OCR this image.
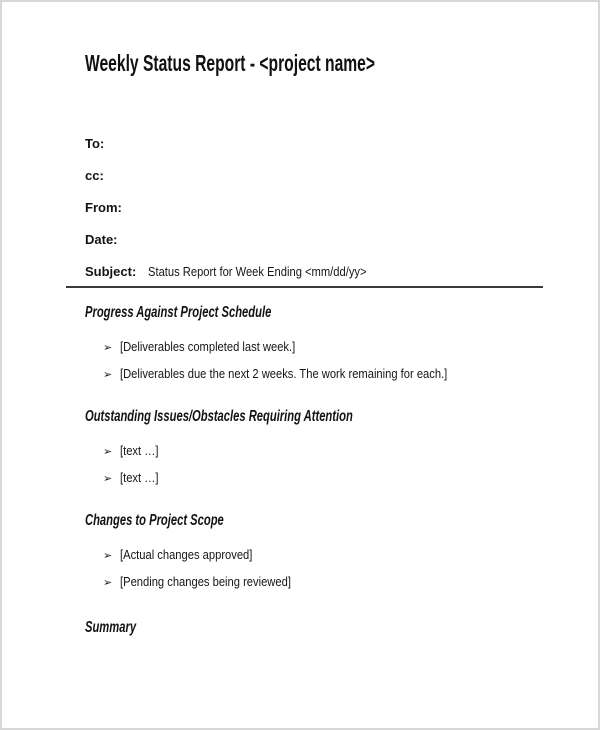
Weekly Status Report - <project name>
To:
cc:
From:
Date:
Subject: Status Report for Week Ending <mm/dd/yy>
Progress Against Project Schedule
➢ [Deliverables completed last week.]
➢ [Deliverables due the next 2 weeks. The work remaining for each.]
Outstanding Issues/Obstacles Requiring Attention
➢ [text …]
➢ [text …]
Changes to Project Scope
➢ [Actual changes approved]
➢ [Pending changes being reviewed]
Summary
